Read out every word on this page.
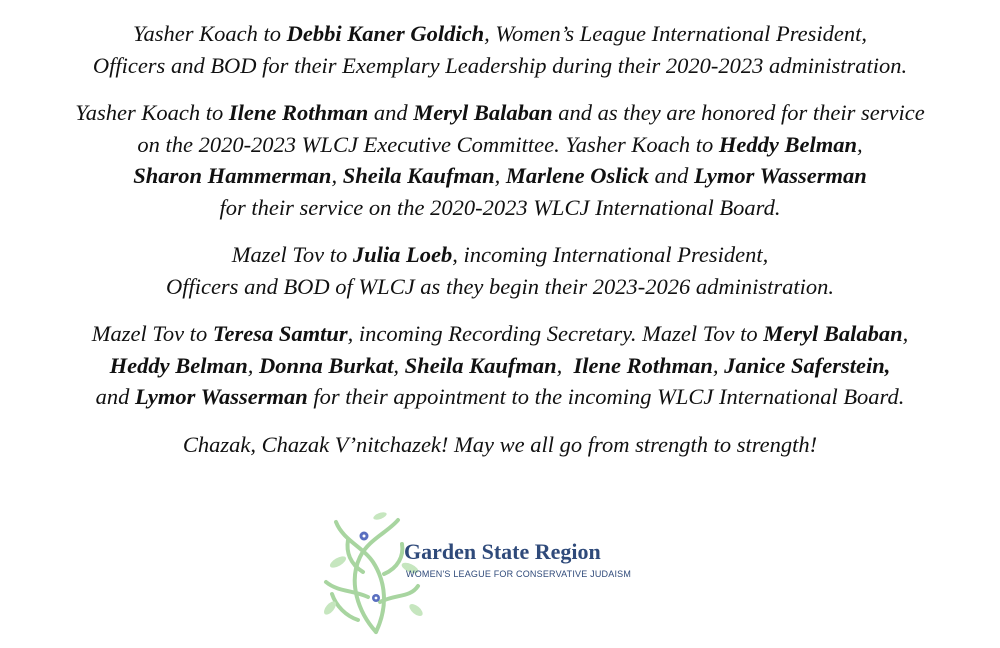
Yasher Koach to Debbi Kaner Goldich, Women’s League International President,
Officers and BOD for their Exemplary Leadership during their 2020-2023 administration.

Yasher Koach to Ilene Rothman and Meryl Balaban and as they are honored for their service
on the 2020-2023 WLCJ Executive Committee. Yasher Koach to Heddy Belman,
Sharon Hammerman, Sheila Kaufman, Marlene Oslick and Lymor Wasserman
for their service on the 2020-2023 WLCJ International Board.

Mazel Tov to Julia Loeb, incoming International President,
Officers and BOD of WLCJ as they begin their 2023-2026 administration.

Mazel Tov to Teresa Samtur, incoming Recording Secretary. Mazel Tov to Meryl Balaban,
Heddy Belman, Donna Burkat, Sheila Kaufman,  Ilene Rothman, Janice Saferstein,
and Lymor Wasserman for their appointment to the incoming WLCJ International Board.

Chazak, Chazak V’nitchazek! May we all go from strength to strength!

Garden State Region
WOMEN'S LEAGUE FOR CONSERVATIVE JUDAISM
